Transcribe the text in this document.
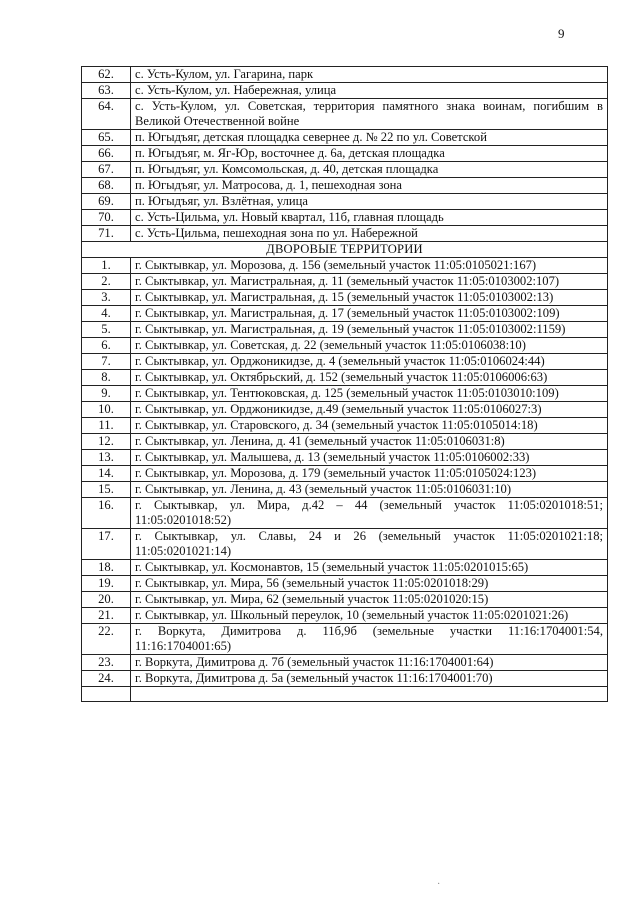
9
62.	с. Усть-Кулом, ул. Гагарина, парк
63.	с. Усть-Кулом, ул. Набережная, улица
64.	с. Усть-Кулом, ул. Советская, территория памятного знака воинам, погибшим в Великой Отечественной войне
65.	п. Югыдъяг, детская площадка севернее д. № 22 по ул. Советской
66.	п. Югыдъяг, м. Яг-Юр, восточнее д. 6а, детская площадка
67.	п. Югыдъяг, ул. Комсомольская, д. 40, детская площадка
68.	п. Югыдъяг, ул. Матросова, д. 1, пешеходная зона
69.	п. Югыдъяг, ул. Взлётная, улица
70.	с. Усть-Цильма, ул. Новый квартал, 11б, главная площадь
71.	с. Усть-Цильма, пешеходная зона по ул. Набережной
ДВОРОВЫЕ ТЕРРИТОРИИ	
1.	г. Сыктывкар, ул. Морозова, д. 156 (земельный участок 11:05:0105021:167)
2.	г. Сыктывкар, ул. Магистральная, д. 11 (земельный участок 11:05:0103002:107)
3.	г. Сыктывкар, ул. Магистральная, д. 15 (земельный участок 11:05:0103002:13)
4.	г. Сыктывкар, ул. Магистральная, д. 17 (земельный участок 11:05:0103002:109)
5.	г. Сыктывкар, ул. Магистральная, д. 19 (земельный участок 11:05:0103002:1159)
6.	г. Сыктывкар, ул. Советская, д. 22 (земельный участок 11:05:0106038:10)
7.	г. Сыктывкар, ул. Орджоникидзе, д. 4 (земельный участок 11:05:0106024:44)
8.	г. Сыктывкар, ул. Октябрьский, д. 152 (земельный участок 11:05:0106006:63)
9.	г. Сыктывкар, ул. Тентюковская, д. 125 (земельный участок 11:05:0103010:109)
10.	г. Сыктывкар, ул. Орджоникидзе, д.49 (земельный участок 11:05:0106027:3)
11.	г. Сыктывкар, ул. Старовского, д. 34 (земельный участок 11:05:0105014:18)
12.	г. Сыктывкар, ул. Ленина, д. 41 (земельный участок 11:05:0106031:8)
13.	г. Сыктывкар, ул. Малышева, д. 13 (земельный участок 11:05:0106002:33)
14.	г. Сыктывкар, ул. Морозова, д. 179 (земельный участок 11:05:0105024:123)
15.	г. Сыктывкар, ул. Ленина, д. 43 (земельный участок 11:05:0106031:10)
16.	г. Сыктывкар, ул. Мира, д.42 – 44 (земельный участок 11:05:0201018:51; 11:05:0201018:52)
17.	г. Сыктывкар, ул. Славы, 24 и 26 (земельный участок 11:05:0201021:18; 11:05:0201021:14)
18.	г. Сыктывкар, ул. Космонавтов, 15 (земельный участок 11:05:0201015:65)
19.	г. Сыктывкар, ул. Мира, 56 (земельный участок 11:05:0201018:29)
20.	г. Сыктывкар, ул. Мира, 62 (земельный участок 11:05:0201020:15)
21.	г. Сыктывкар, ул. Школьный переулок, 10 (земельный участок 11:05:0201021:26)
22.	г. Воркута, Димитрова д. 11б,9б (земельные участки 11:16:1704001:54, 11:16:1704001:65)
23.	г. Воркута, Димитрова д. 7б (земельный участок 11:16:1704001:64)
24.	г. Воркута, Димитрова д. 5а (земельный участок 11:16:1704001:70)

·
